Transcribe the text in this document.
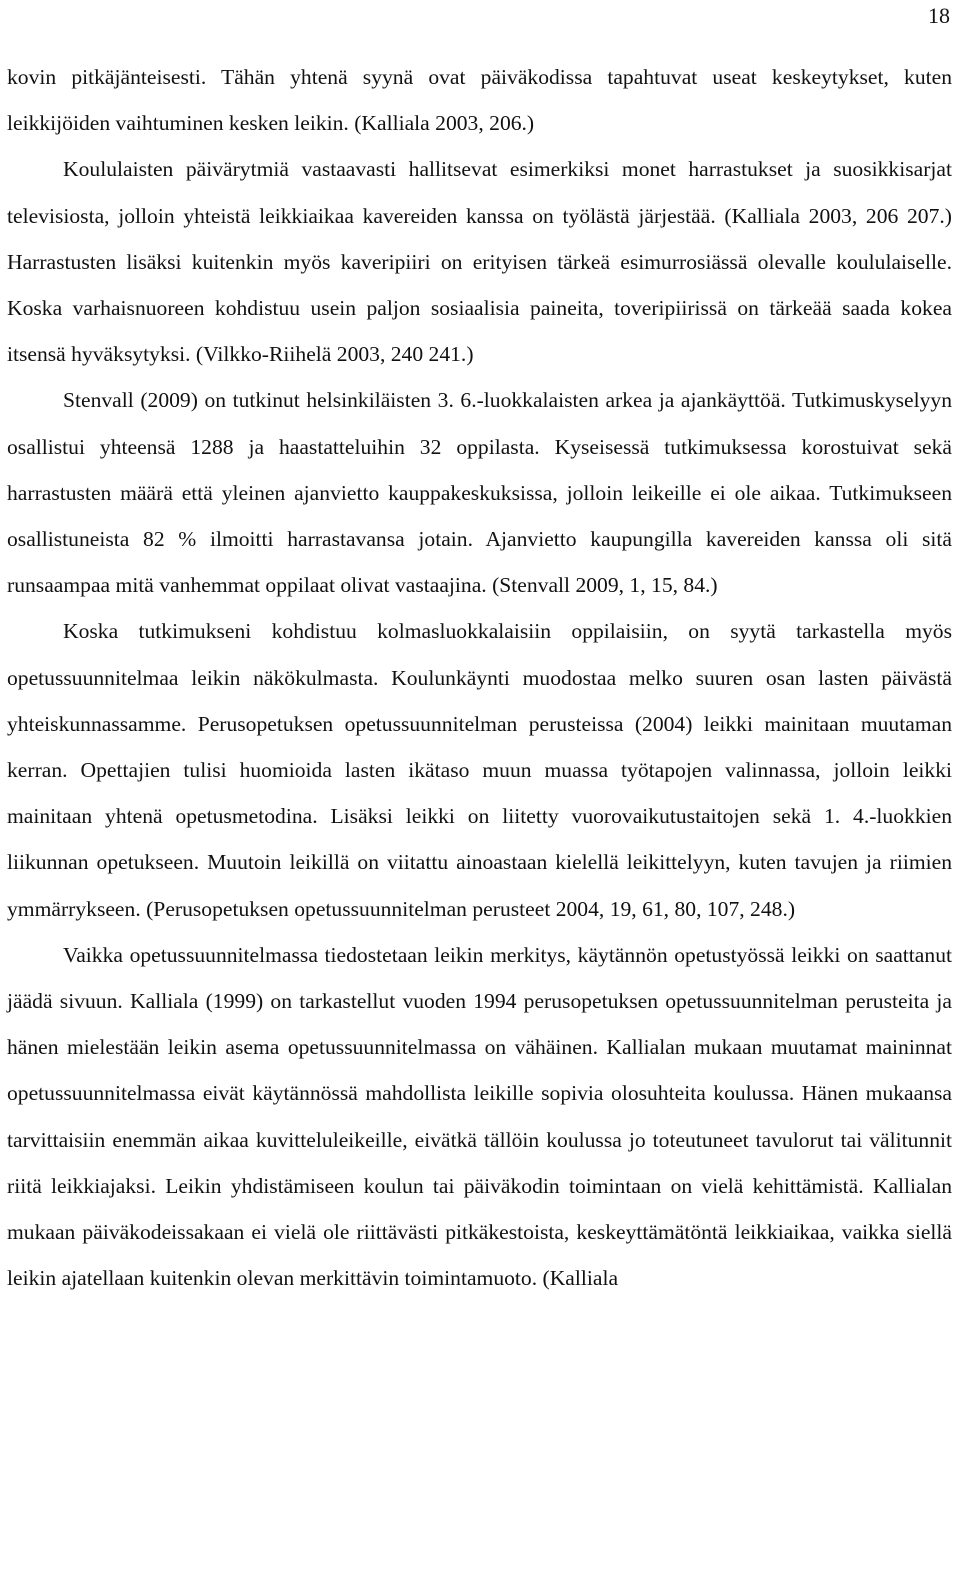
18

kovin pitkäjänteisesti. Tähän yhtenä syynä ovat päiväkodissa tapahtuvat useat keskeytykset, kuten leikkijöiden vaihtuminen kesken leikin. (Kalliala 2003, 206.)

Koululaisten päivärytmiä vastaavasti hallitsevat esimerkiksi monet harrastukset ja suosikkisarjat televisiosta, jolloin yhteistä leikkiaikaa kavereiden kanssa on työlästä järjestää. (Kalliala 2003, 206 207.) Harrastusten lisäksi kuitenkin myös kaveripiiri on erityisen tärkeä esimurrosiässä olevalle koululaiselle. Koska varhaisnuoreen kohdistuu usein paljon sosiaalisia paineita, toveripiirissä on tärkeää saada kokea itsensä hyväksytyksi. (Vilkko-Riihelä 2003, 240 241.)

Stenvall (2009) on tutkinut helsinkiläisten 3. 6.-luokkalaisten arkea ja ajankäyttöä. Tutkimuskyselyyn osallistui yhteensä 1288 ja haastatteluihin 32 oppilasta. Kyseisessä tutkimuksessa korostuivat sekä harrastusten määrä että yleinen ajanvietto kauppakeskuksissa, jolloin leikeille ei ole aikaa. Tutkimukseen osallistuneista 82 % ilmoitti harrastavansa jotain. Ajanvietto kaupungilla kavereiden kanssa oli sitä runsaampaa mitä vanhemmat oppilaat olivat vastaajina. (Stenvall 2009, 1, 15, 84.)

Koska tutkimukseni kohdistuu kolmasluokkalaisiin oppilaisiin, on syytä tarkastella myös opetussuunnitelmaa leikin näkökulmasta. Koulunkäynti muodostaa melko suuren osan lasten päivästä yhteiskunnassamme. Perusopetuksen opetussuunnitelman perusteissa (2004) leikki mainitaan muutaman kerran. Opettajien tulisi huomioida lasten ikätaso muun muassa työtapojen valinnassa, jolloin leikki mainitaan yhtenä opetusmetodina. Lisäksi leikki on liitetty vuorovaikutustaitojen sekä 1. 4.-luokkien liikunnan opetukseen. Muutoin leikillä on viitattu ainoastaan kielellä leikittelyyn, kuten tavujen ja riimien ymmärrykseen. (Perusopetuksen opetussuunnitelman perusteet 2004, 19, 61, 80, 107, 248.)

Vaikka opetussuunnitelmassa tiedostetaan leikin merkitys, käytännön opetustyössä leikki on saattanut jäädä sivuun. Kalliala (1999) on tarkastellut vuoden 1994 perusopetuksen opetussuunnitelman perusteita ja hänen mielestään leikin asema opetussuunnitelmassa on vähäinen. Kallialan mukaan muutamat maininnat opetussuunnitelmassa eivät käytännössä mahdollista leikille sopivia olosuhteita koulussa. Hänen mukaansa tarvittaisiin enemmän aikaa kuvitteluleikeille, eivätkä tällöin koulussa jo toteutuneet tavulorut tai välitunnit riitä leikkiajaksi. Leikin yhdistämiseen koulun tai päiväkodin toimintaan on vielä kehittämistä. Kallialan mukaan päiväkodeissakaan ei vielä ole riittävästi pitkäkestoista, keskeyttämätöntä leikkiaikaa, vaikka siellä leikin ajatellaan kuitenkin olevan merkittävin toimintamuoto. (Kalliala
